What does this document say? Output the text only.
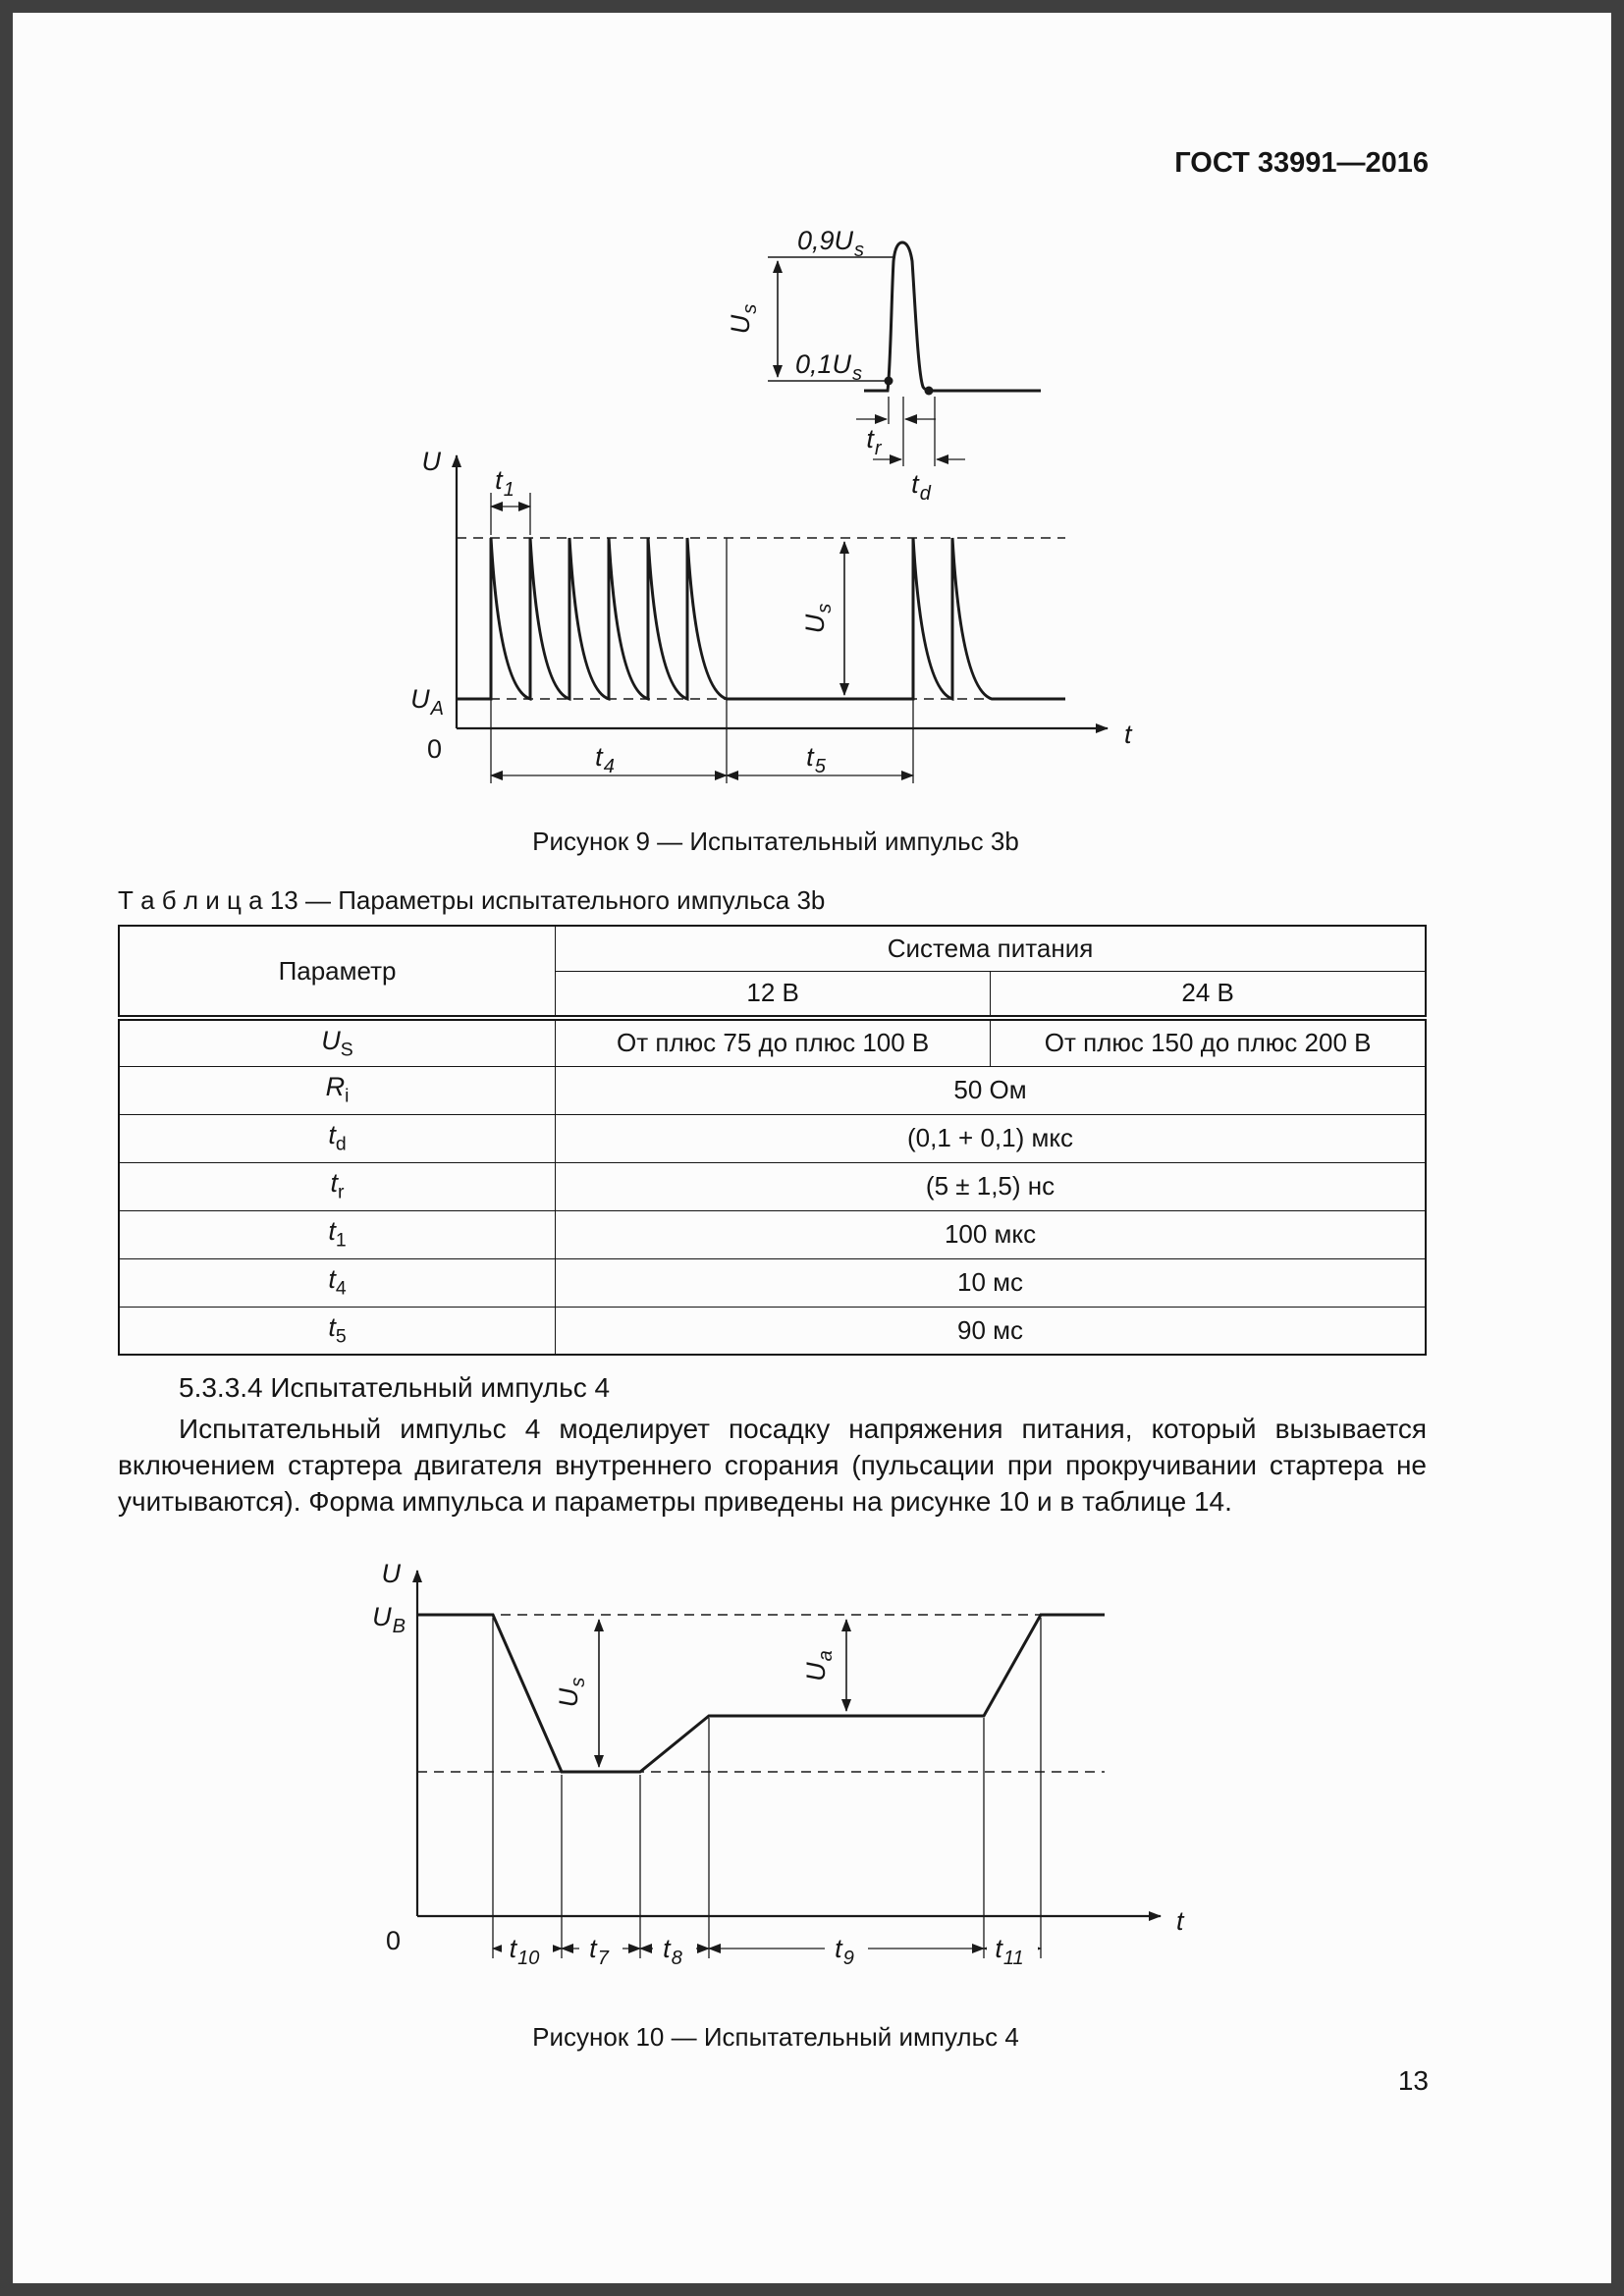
ГОСТ 33991—2016
$0,9U_s$
$0,1U_s$
$U_s$
$t_r$
$t_d$
U
t
0
$U_A$
$t_1$
$U_s$
$t_4$	$t_5$
Рисунок 9 — Испытательный импульс 3b
Т а б л и ц а 13 — Параметры испытательного импульса 3b
Параметр	Система питания	
	12 В	24 В
$U_S$	От плюс 75 до плюс 100 В	От плюс 150 до плюс 200 В
$R_i$	50 Ом	
$t_d$	(0,1 + 0,1) мкс	
$t_r$	(5 ± 1,5) нс	
$t_1$	100 мкс	
$t_4$	10 мс	
$t_5$	90 мс	
5.3.3.4 Испытательный импульс 4

Испытательный импульс 4 моделирует посадку напряжения питания, который вызывается включением стартера двигателя внутреннего сгорания (пульсации при прокручивании стартера не учитываются). Форма импульса и параметры приведены на рисунке 10 и в таблице 14.

U
t
0
$U_B$
$U_s$
$U_a$
$t_{10}$ $t_7$ $t_8$	$t_9$	$t_{11}$
Рисунок 10 — Испытательный импульс 4
13
